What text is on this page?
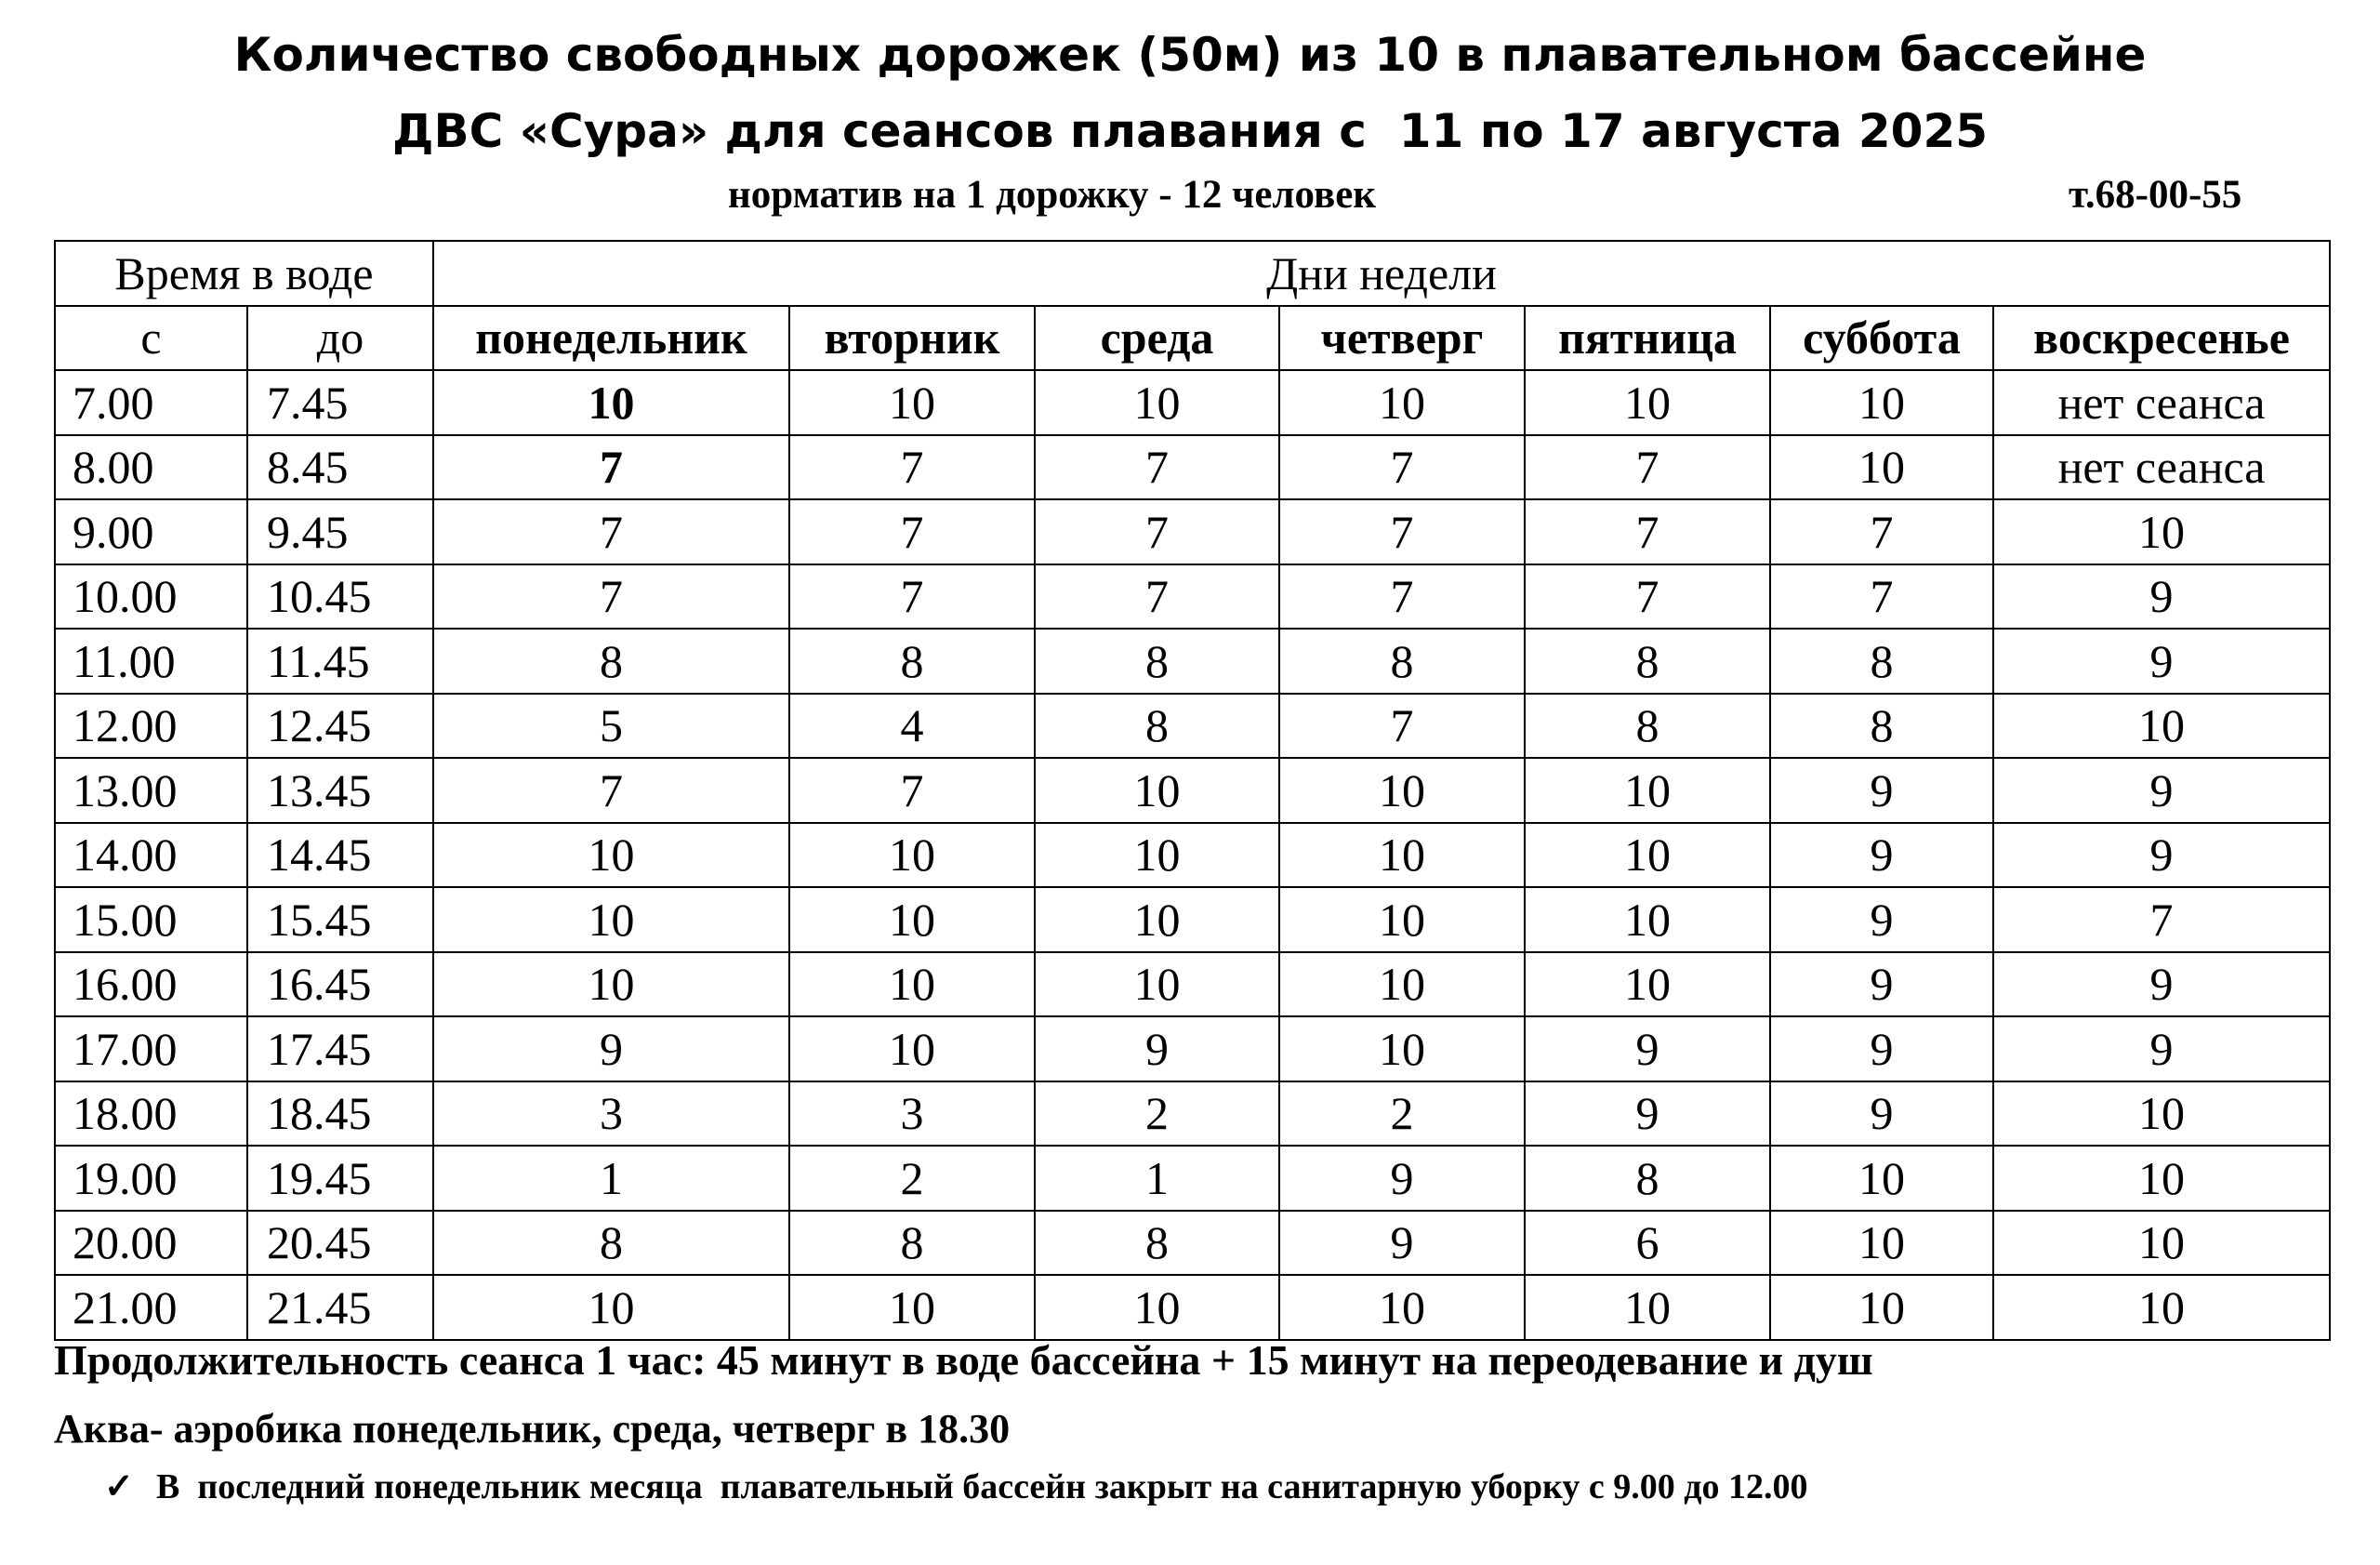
Количество свободных дорожек (50м) из 10 в плавательном бассейне
ДВС «Сура» для сеансов плавания с  11 по 17 августа 2025
норматив на 1 дорожку - 12 человек	т.68-00-55
Время в воде		Дни недели						
с	до	понедельник	вторник	среда	четверг	пятница	суббота	воскресенье
7.00	7.45	10	10	10	10	10	10	нет сеанса
8.00	8.45	7	7	7	7	7	10	нет сеанса
9.00	9.45	7	7	7	7	7	7	10
10.00	10.45	7	7	7	7	7	7	9
11.00	11.45	8	8	8	8	8	8	9
12.00	12.45	5	4	8	7	8	8	10
13.00	13.45	7	7	10	10	10	9	9
14.00	14.45	10	10	10	10	10	9	9
15.00	15.45	10	10	10	10	10	9	7
16.00	16.45	10	10	10	10	10	9	9
17.00	17.45	9	10	9	10	9	9	9
18.00	18.45	3	3	2	2	9	9	10
19.00	19.45	1	2	1	9	8	10	10
20.00	20.45	8	8	8	9	6	10	10
21.00	21.45	10	10	10	10	10	10	10
Продолжительность сеанса 1 час: 45 минут в воде бассейна + 15 минут на переодевание и душ
Аква- аэробика понедельник, среда, четверг в 18.30
✓ В  последний понедельник месяца  плавательный бассейн закрыт на санитарную уборку с 9.00 до 12.00
